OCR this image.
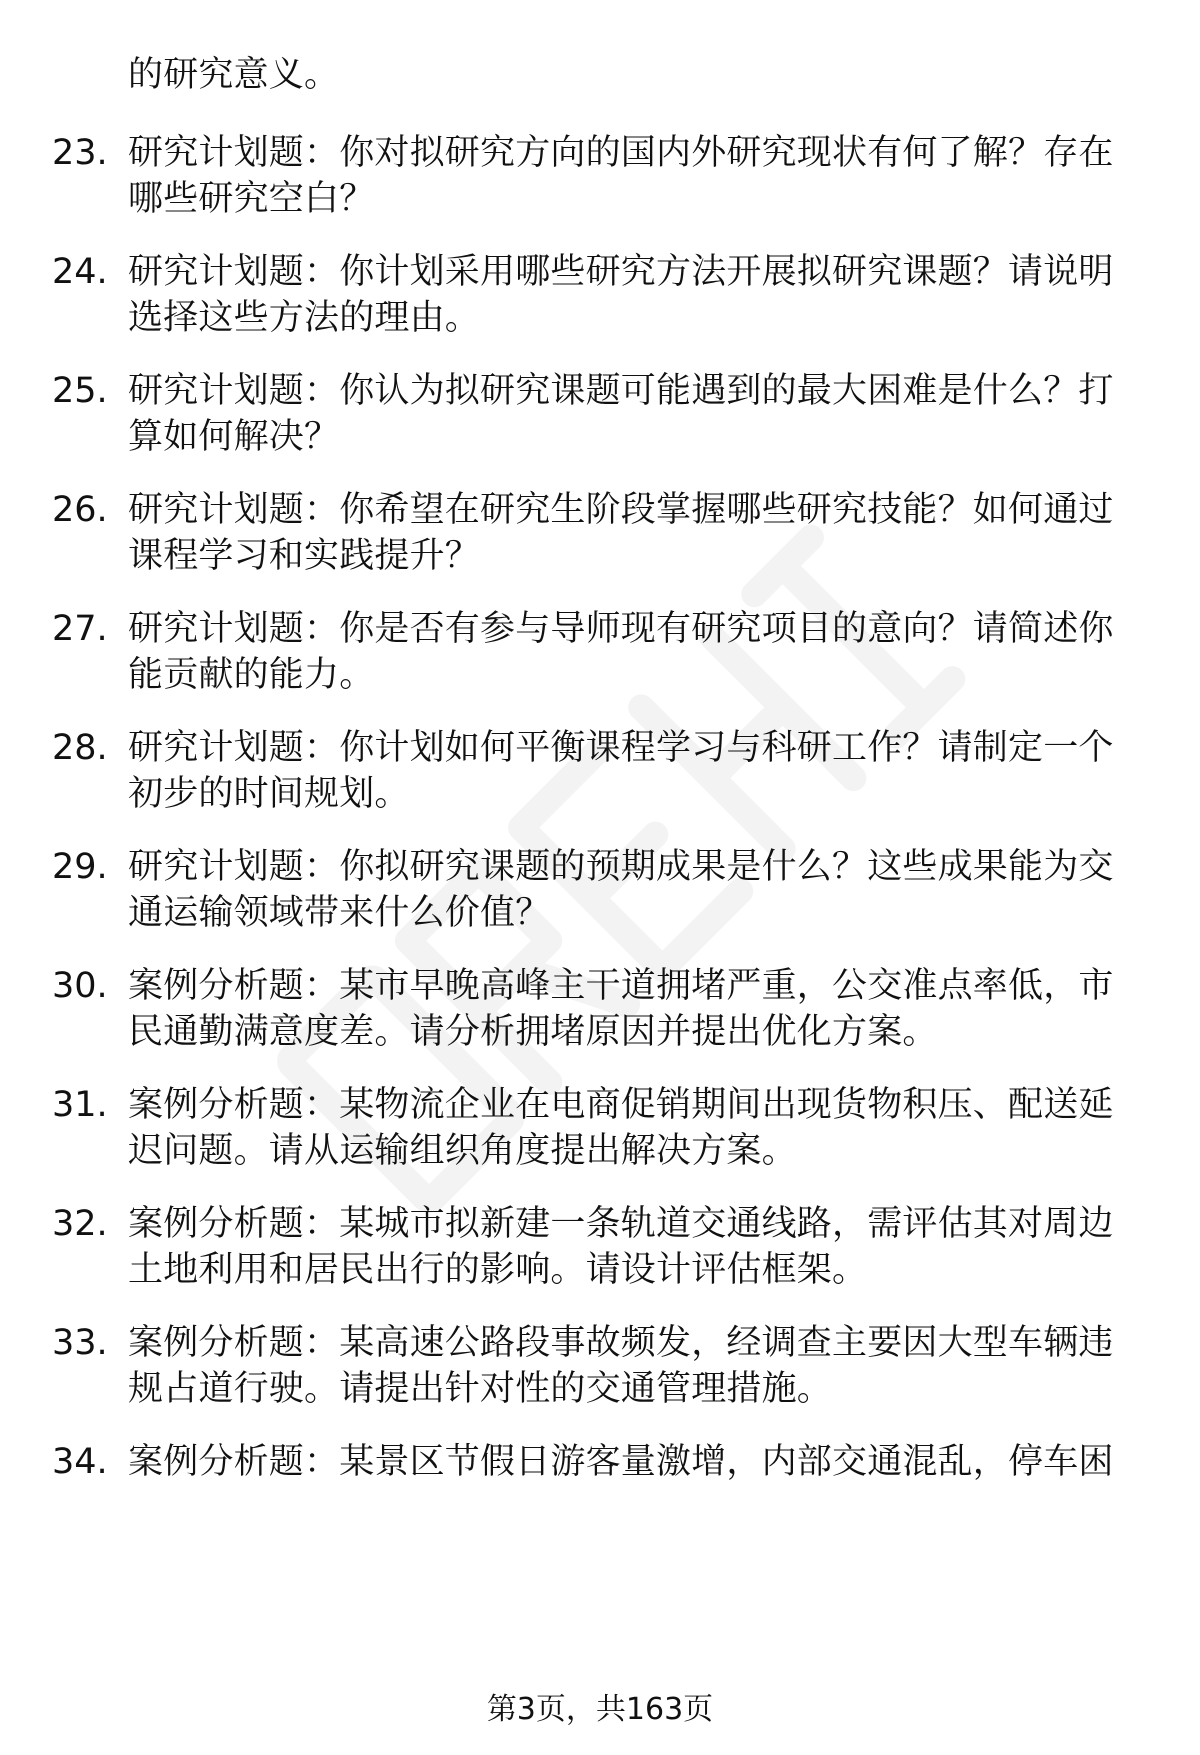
的研究意义。
23. 研究计划题：你对拟研究方向的国内外研究现状有何了解？存在
哪些研究空白？
24. 研究计划题：你计划采用哪些研究方法开展拟研究课题？请说明
选择这些方法的理由。
25. 研究计划题：你认为拟研究课题可能遇到的最大困难是什么？打
算如何解决？
26. 研究计划题：你希望在研究生阶段掌握哪些研究技能？如何通过
课程学习和实践提升？
27. 研究计划题：你是否有参与导师现有研究项目的意向？请简述你
能贡献的能力。
28. 研究计划题：你计划如何平衡课程学习与科研工作？请制定一个
初步的时间规划。
29. 研究计划题：你拟研究课题的预期成果是什么？这些成果能为交
通运输领域带来什么价值？
30. 案例分析题：某市早晚高峰主干道拥堵严重，公交准点率低，市
民通勤满意度差。请分析拥堵原因并提出优化方案。
31. 案例分析题：某物流企业在电商促销期间出现货物积压、配送延
迟问题。请从运输组织角度提出解决方案。
32. 案例分析题：某城市拟新建一条轨道交通线路，需评估其对周边
土地利用和居民出行的影响。请设计评估框架。
33. 案例分析题：某高速公路段事故频发，经调查主要因大型车辆违
规占道行驶。请提出针对性的交通管理措施。
34. 案例分析题：某景区节假日游客量激增，内部交通混乱，停车困
第3页，共163页
